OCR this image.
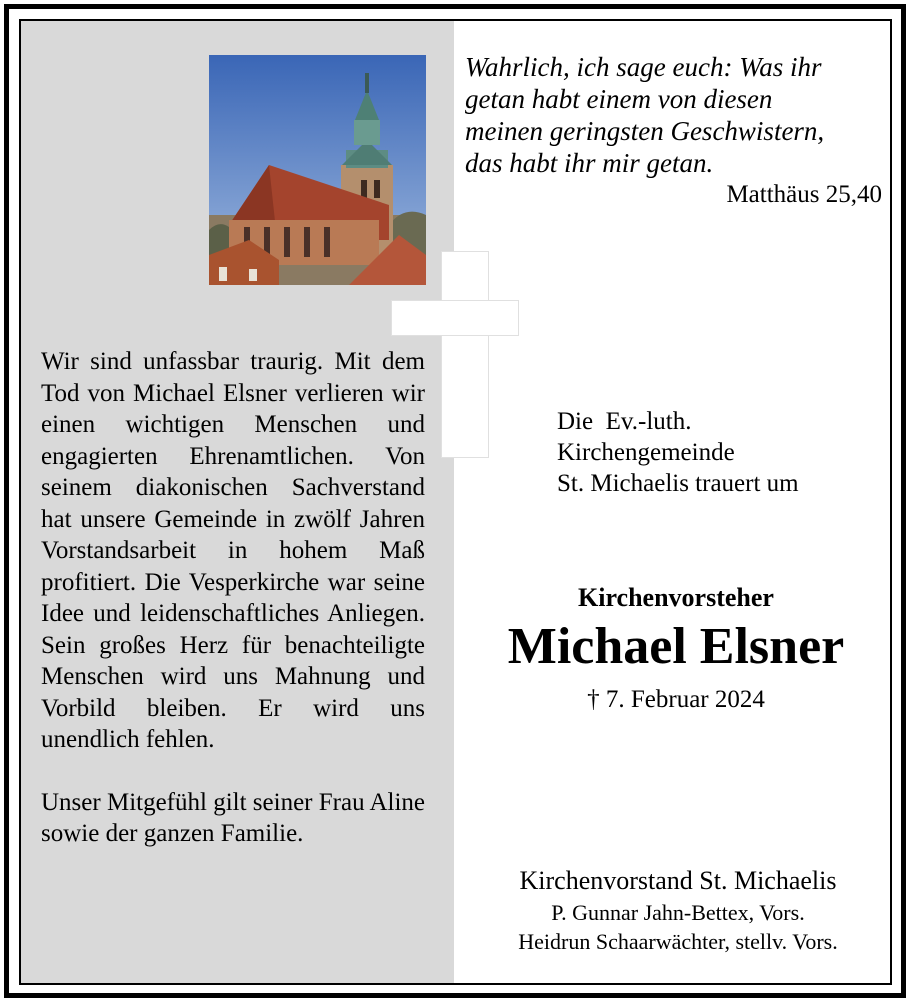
Wahrlich, ich sage euch: Was ihr
getan habt einem von diesen
meinen geringsten Geschwistern,
das habt ihr mir getan.
Matthäus 25,40
Wir sind unfassbar traurig. Mit dem Tod von Michael Elsner verlieren wir einen wichtigen Menschen und engagierten Ehrenamtlichen. Von seinem diakonischen Sachverstand hat unsere Gemeinde in zwölf Jahren Vorstandsarbeit in hohem Maß profitiert. Die Vesperkirche war seine Idee und leidenschaftliches Anliegen. Sein großes Herz für benachteiligte Menschen wird uns Mahnung und Vorbild bleiben. Er wird uns unendlich fehlen.
Unser Mitgefühl gilt seiner Frau Aline sowie der ganzen Familie.
Die  Ev.-luth.
Kirchengemeinde
St. Michaelis trauert um
Kirchenvorsteher
Michael Elsner
† 7. Februar 2024
Kirchenvorstand St. Michaelis
P. Gunnar Jahn-Bettex, Vors.
Heidrun Schaarwächter, stellv. Vors.
